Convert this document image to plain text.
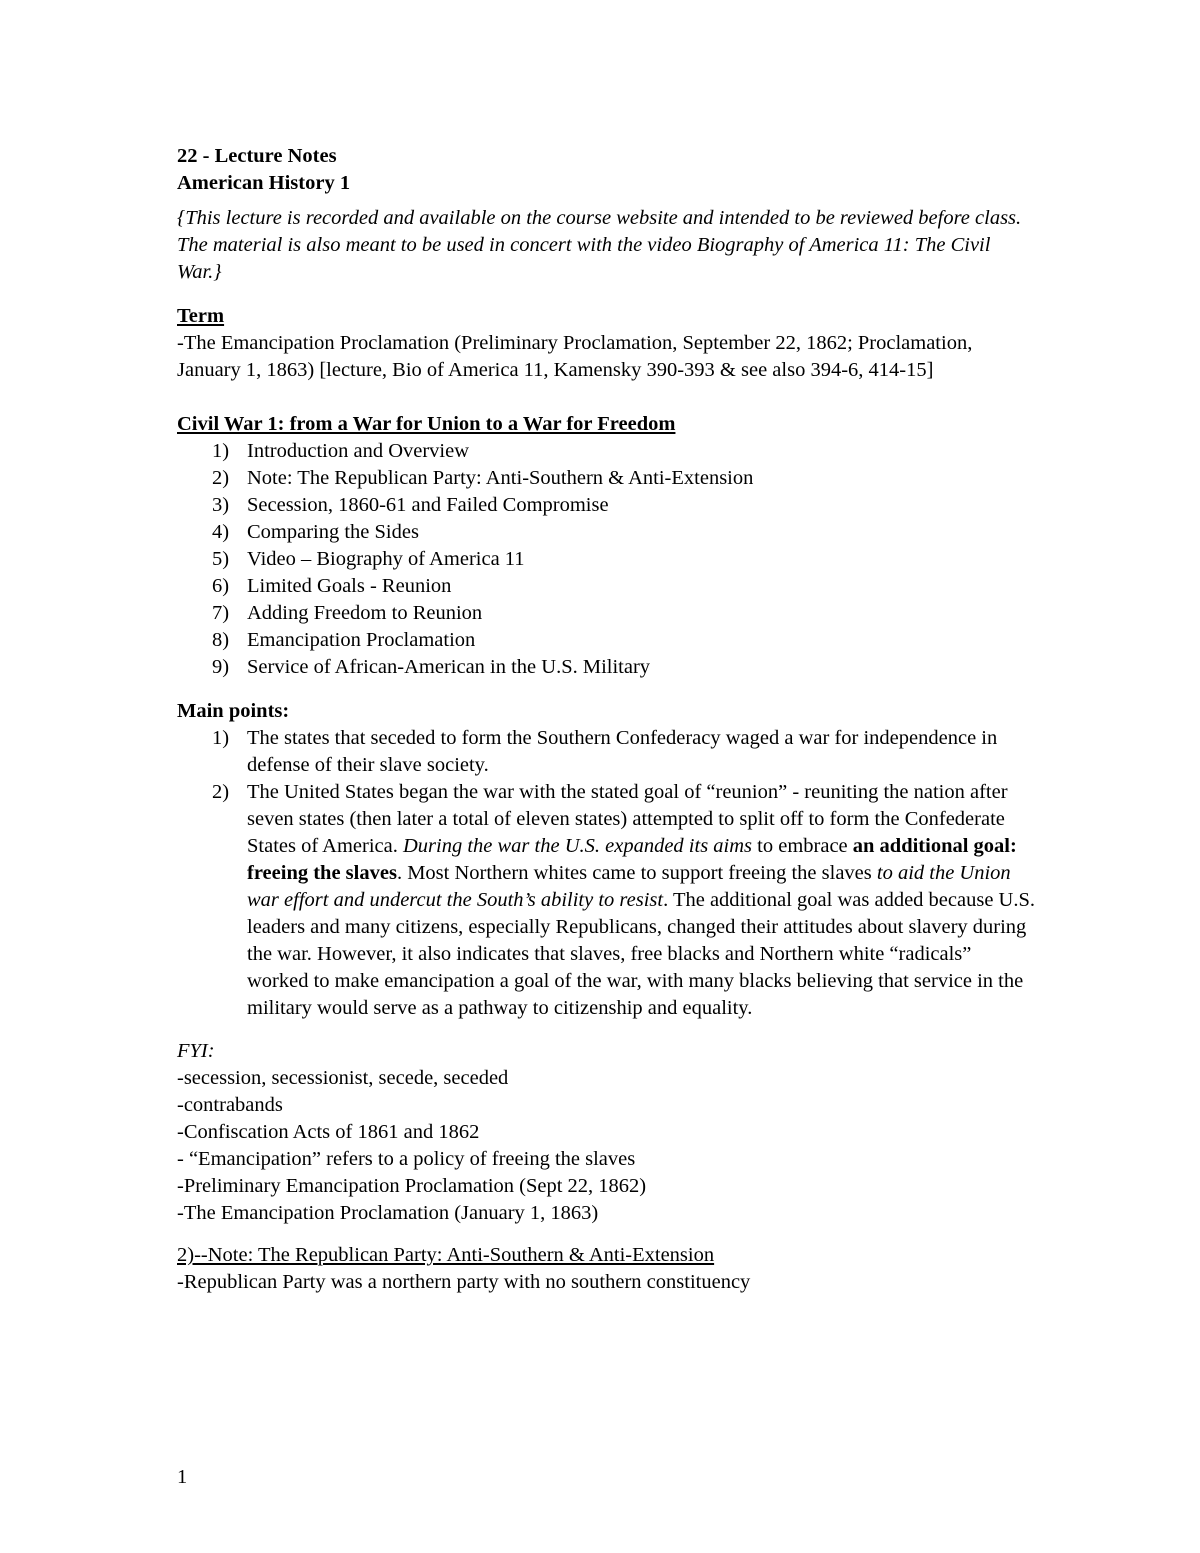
22 - Lecture Notes
American History 1
{This lecture is recorded and available on the course website and intended to be reviewed before class. The material is also meant to be used in concert with the video Biography of America 11: The Civil War.}
Term
-The Emancipation Proclamation (Preliminary Proclamation, September 22, 1862; Proclamation, January 1, 1863) [lecture, Bio of America 11, Kamensky 390-393 & see also 394-6, 414-15]
Civil War 1: from a War for Union to a War for Freedom
1) Introduction and Overview
2) Note: The Republican Party: Anti-Southern & Anti-Extension
3) Secession, 1860-61 and Failed Compromise
4) Comparing the Sides
5) Video – Biography of America 11
6) Limited Goals - Reunion
7) Adding Freedom to Reunion
8) Emancipation Proclamation
9) Service of African-American in the U.S. Military
Main points:
1) The states that seceded to form the Southern Confederacy waged a war for independence in defense of their slave society.
2) The United States began the war with the stated goal of “reunion” - reuniting the nation after seven states (then later a total of eleven states) attempted to split off to form the Confederate States of America. During the war the U.S. expanded its aims to embrace an additional goal: freeing the slaves. Most Northern whites came to support freeing the slaves to aid the Union war effort and undercut the South’s ability to resist. The additional goal was added because U.S. leaders and many citizens, especially Republicans, changed their attitudes about slavery during the war. However, it also indicates that slaves, free blacks and Northern white “radicals” worked to make emancipation a goal of the war, with many blacks believing that service in the military would serve as a pathway to citizenship and equality.
FYI:
-secession, secessionist, secede, seceded
-contrabands
-Confiscation Acts of 1861 and 1862
- “Emancipation” refers to a policy of freeing the slaves
-Preliminary Emancipation Proclamation (Sept 22, 1862)
-The Emancipation Proclamation (January 1, 1863)
2)--Note: The Republican Party: Anti-Southern & Anti-Extension
-Republican Party was a northern party with no southern constituency
1
